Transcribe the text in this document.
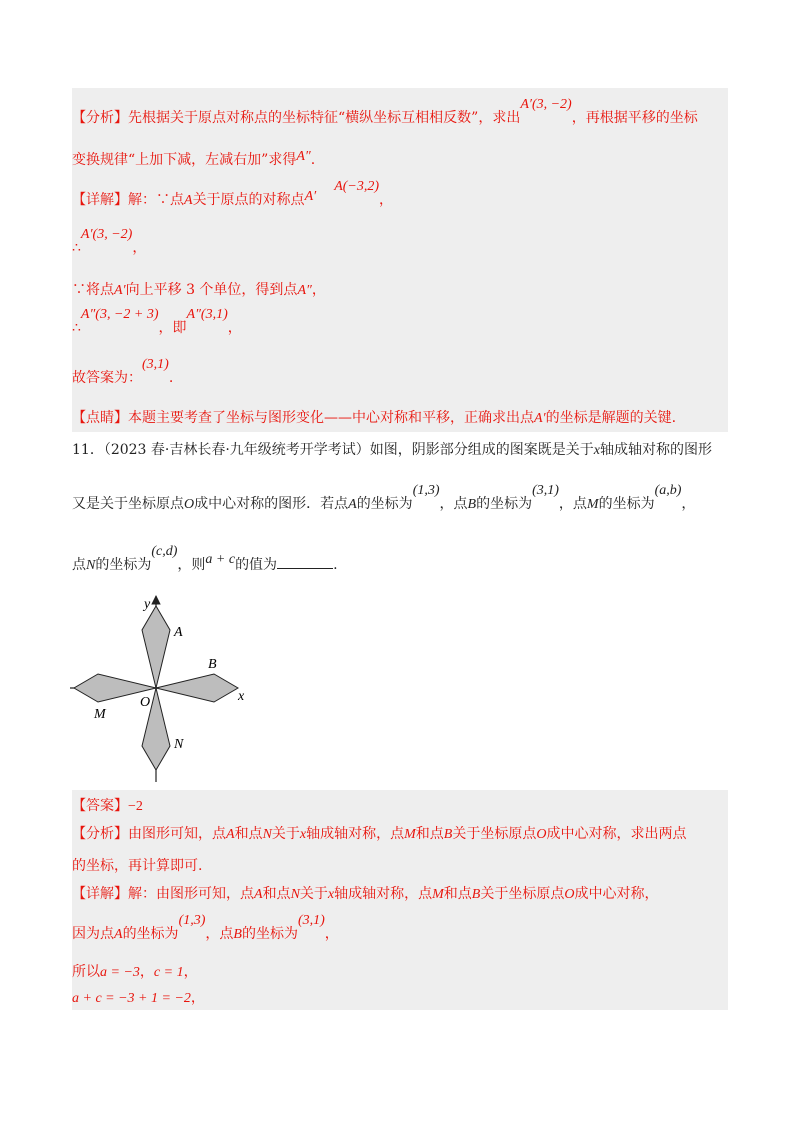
【分析】先根据关于原点对称点的坐标特征“横纵坐标互相相反数”，求出A′(3, −2)，再根据平移的坐标
变换规律“上加下减，左减右加”求得A″.
【详解】解：∵点A关于原点的对称点A′A(−3,2)，
∴A′(3, −2)，
∵将点A′向上平移 3 个单位，得到点A″，
∴A″(3, −2 + 3)，即A″(3,1)，
故答案为：(3,1).
【点睛】本题主要考查了坐标与图形变化——中心对称和平移，正确求出点A′的坐标是解题的关键.
11．（2023 春·吉林长春·九年级统考开学考试）如图，阴影部分组成的图案既是关于x轴成轴对称的图形
又是关于坐标原点O成中心对称的图形．若点A的坐标为(1,3)，点B的坐标为(3,1)，点M的坐标为(a,b)，
点N的坐标为(c,d)，则a + c的值为	.
y
A
B
x
O
M
N
【答案】−2
【分析】由图形可知，点A和点N关于x轴成轴对称，点M和点B关于坐标原点O成中心对称，求出两点
的坐标，再计算即可.
【详解】解：由图形可知，点A和点N关于x轴成轴对称，点M和点B关于坐标原点O成中心对称，
因为点A的坐标为(1,3)，点B的坐标为(3,1)，
所以a = −3，c = 1，
a + c = −3 + 1 = −2，
